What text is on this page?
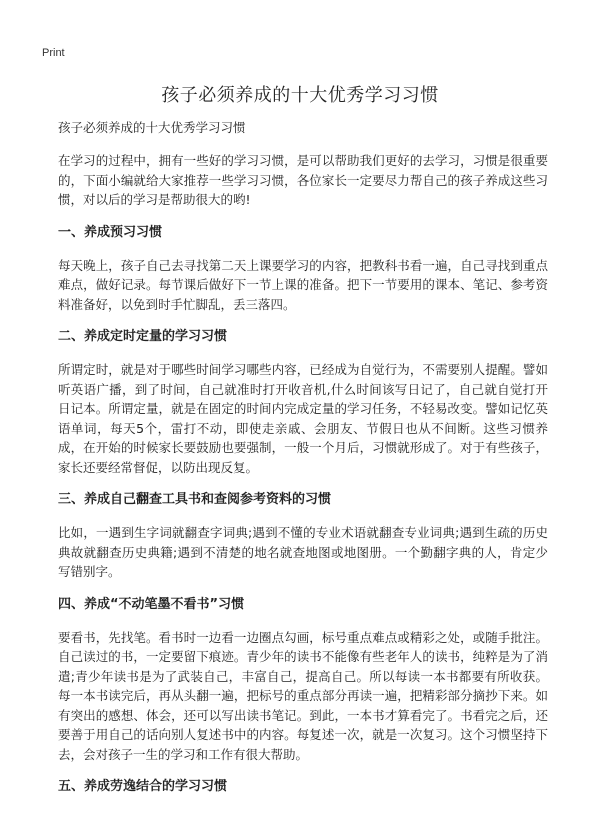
Print
孩子必须养成的十大优秀学习习惯
孩子必须养成的十大优秀学习习惯

在学习的过程中，拥有一些好的学习习惯，是可以帮助我们更好的去学习，习惯是很重要的，下面小编就给大家推荐一些学习习惯，各位家长一定要尽力帮自己的孩子养成这些习惯，对以后的学习是帮助很大的哟!

一、养成预习习惯

每天晚上，孩子自己去寻找第二天上课要学习的内容，把教科书看一遍，自己寻找到重点难点，做好记录。每节课后做好下一节上课的准备。把下一节要用的课本、笔记、参考资料准备好，以免到时手忙脚乱，丢三落四。

二、养成定时定量的学习习惯

所谓定时，就是对于哪些时间学习哪些内容，已经成为自觉行为，不需要别人提醒。譬如听英语广播，到了时间，自己就准时打开收音机,什么时间该写日记了，自己就自觉打开日记本。所谓定量，就是在固定的时间内完成定量的学习任务，不轻易改变。譬如记忆英语单词，每天5个，雷打不动，即使走亲戚、会朋友、节假日也从不间断。这些习惯养成，在开始的时候家长要鼓励也要强制，一般一个月后，习惯就形成了。对于有些孩子，家长还要经常督促，以防出现反复。

三、养成自己翻查工具书和查阅参考资料的习惯

比如，一遇到生字词就翻查字词典;遇到不懂的专业术语就翻查专业词典;遇到生疏的历史典故就翻查历史典籍;遇到不清楚的地名就查地图或地图册。一个勤翻字典的人，肯定少写错别字。

四、养成“不动笔墨不看书”习惯

要看书，先找笔。看书时一边看一边圈点勾画，标号重点难点或精彩之处，或随手批注。自己读过的书，一定要留下痕迹。青少年的读书不能像有些老年人的读书，纯粹是为了消遣;青少年读书是为了武装自己，丰富自己，提高自己。所以每读一本书都要有所收获。每一本书读完后，再从头翻一遍，把标号的重点部分再读一遍，把精彩部分摘抄下来。如有突出的感想、体会，还可以写出读书笔记。到此，一本书才算看完了。书看完之后，还要善于用自己的话向别人复述书中的内容。每复述一次，就是一次复习。这个习惯坚持下去，会对孩子一生的学习和工作有很大帮助。

五、养成劳逸结合的学习习惯
